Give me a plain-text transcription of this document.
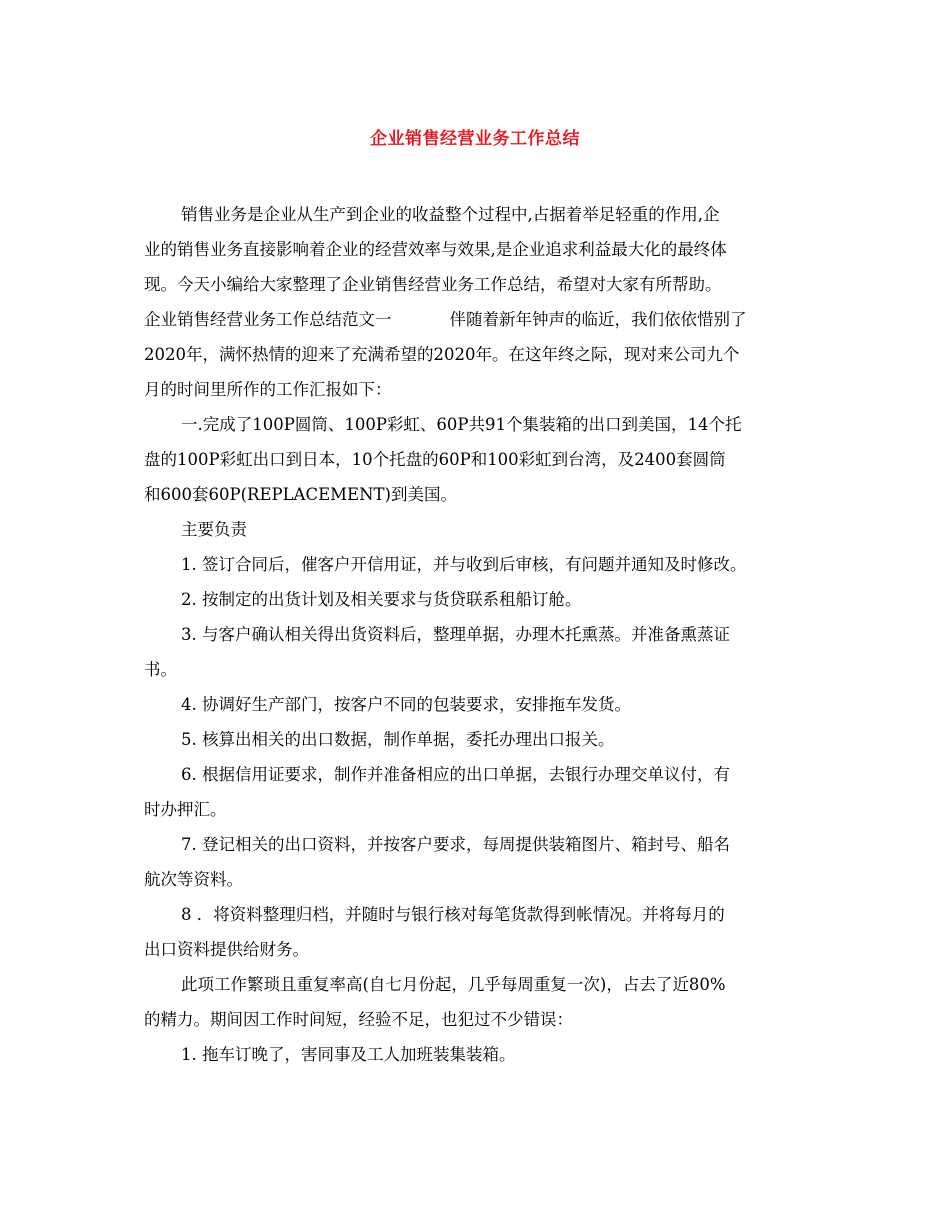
企业销售经营业务工作总结
销售业务是企业从生产到企业的收益整个过程中,占据着举足轻重的作用,企
业的销售业务直接影响着企业的经营效率与效果,是企业追求利益最大化的最终体
现。今天小编给大家整理了企业销售经营业务工作总结，希望对大家有所帮助。
企业销售经营业务工作总结范文一	伴随着新年钟声的临近，我们依依惜别了
2020年，满怀热情的迎来了充满希望的2020年。在这年终之际，现对来公司九个
月的时间里所作的工作汇报如下：
一.完成了100P圆筒、100P彩虹、60P共91个集装箱的出口到美国，14个托
盘的100P彩虹出口到日本，10个托盘的60P和100彩虹到台湾，及2400套圆筒
和600套60P(REPLACEMENT)到美国。
主要负责
1. 签订合同后，催客户开信用证，并与收到后审核，有问题并通知及时修改。
2. 按制定的出货计划及相关要求与货贷联系租船订舱。
3. 与客户确认相关得出货资料后，整理单据，办理木托熏蒸。并准备熏蒸证
书。
4. 协调好生产部门，按客户不同的包装要求，安排拖车发货。
5. 核算出相关的出口数据，制作单据，委托办理出口报关。
6. 根据信用证要求，制作并准备相应的出口单据，去银行办理交单议付，有
时办押汇。
7. 登记相关的出口资料，并按客户要求，每周提供装箱图片、箱封号、船名
航次等资料。
8 ．将资料整理归档，并随时与银行核对每笔货款得到帐情况。并将每月的
出口资料提供给财务。
此项工作繁琐且重复率高(自七月份起，几乎每周重复一次)，占去了近80%
的精力。期间因工作时间短，经验不足，也犯过不少错误：
1. 拖车订晚了，害同事及工人加班装集装箱。
